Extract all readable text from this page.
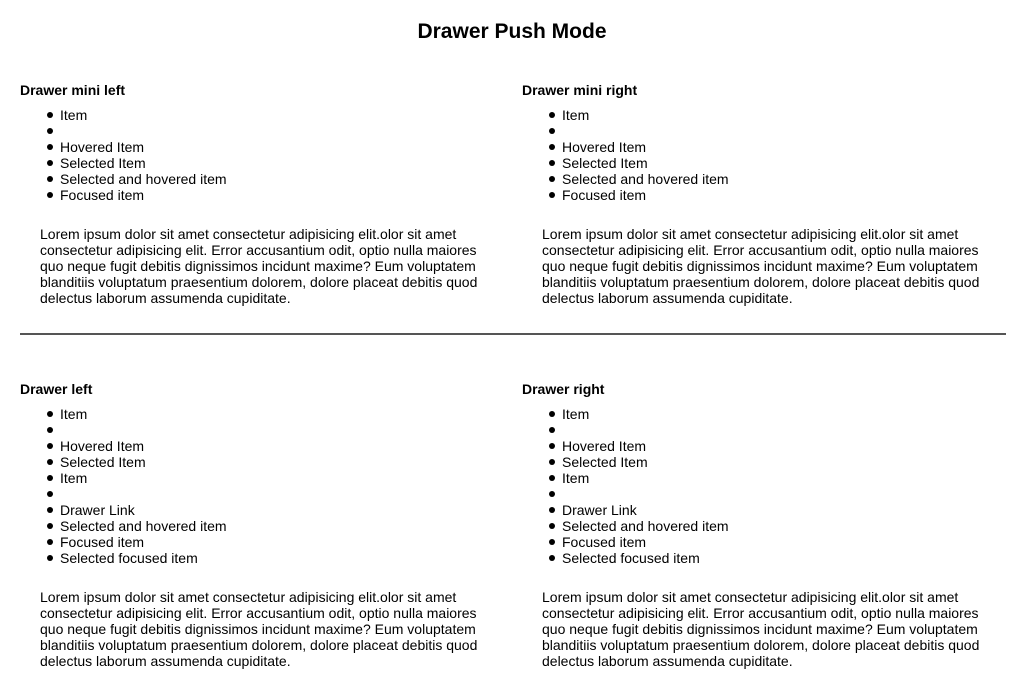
Drawer Push Mode
Drawer mini left
Item
Hovered Item
Selected Item
Selected and hovered item
Focused item

Lorem ipsum dolor sit amet consectetur adipisicing elit.olor sit amet consectetur adipisicing elit. Error accusantium odit, optio nulla maiores quo neque fugit debitis dignissimos incidunt maxime? Eum voluptatem blanditiis voluptatum praesentium dolorem, dolore placeat debitis quod delectus laborum assumenda cupiditate.

Drawer mini right
Item
Hovered Item
Selected Item
Selected and hovered item
Focused item

Lorem ipsum dolor sit amet consectetur adipisicing elit.olor sit amet consectetur adipisicing elit. Error accusantium odit, optio nulla maiores quo neque fugit debitis dignissimos incidunt maxime? Eum voluptatem blanditiis voluptatum praesentium dolorem, dolore placeat debitis quod delectus laborum assumenda cupiditate.

Drawer left
Item
Hovered Item
Selected Item
Item
Drawer Link
Selected and hovered item
Focused item
Selected focused item

Lorem ipsum dolor sit amet consectetur adipisicing elit.olor sit amet consectetur adipisicing elit. Error accusantium odit, optio nulla maiores quo neque fugit debitis dignissimos incidunt maxime? Eum voluptatem blanditiis voluptatum praesentium dolorem, dolore placeat debitis quod delectus laborum assumenda cupiditate.

Drawer right
Item
Hovered Item
Selected Item
Item
Drawer Link
Selected and hovered item
Focused item
Selected focused item

Lorem ipsum dolor sit amet consectetur adipisicing elit.olor sit amet consectetur adipisicing elit. Error accusantium odit, optio nulla maiores quo neque fugit debitis dignissimos incidunt maxime? Eum voluptatem blanditiis voluptatum praesentium dolorem, dolore placeat debitis quod delectus laborum assumenda cupiditate.
